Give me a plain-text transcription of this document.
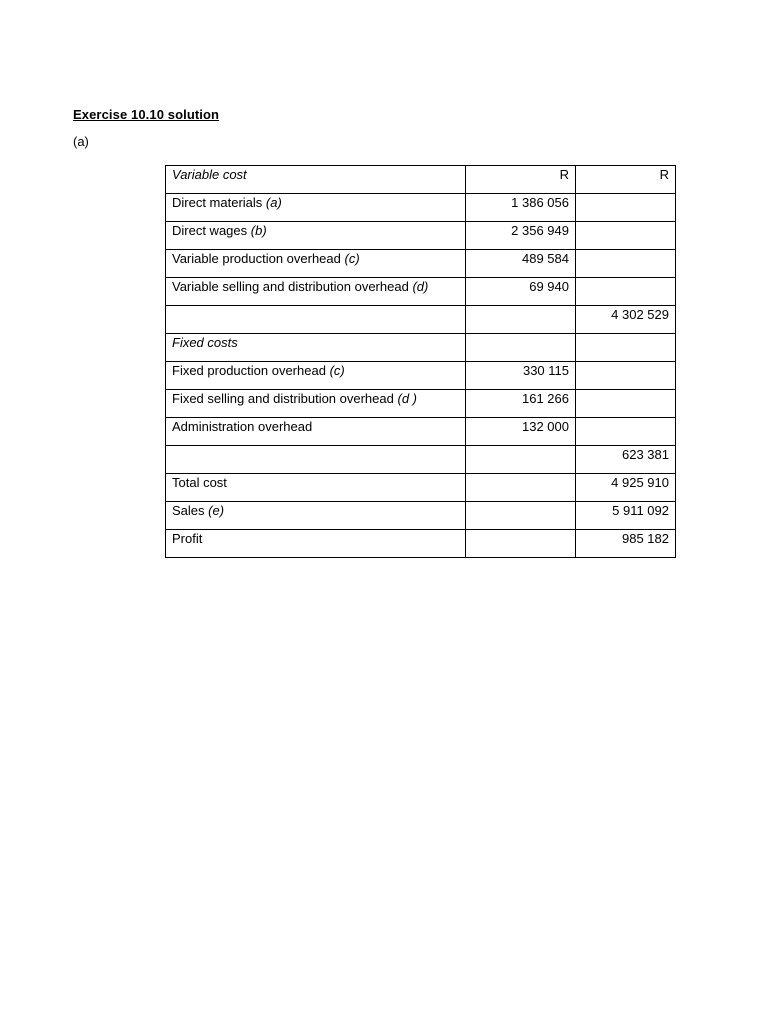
Exercise 10.10 solution
(a)
Variable cost	R	R
Direct materials (a)	1 386 056	
Direct wages (b)	2 356 949	
Variable production overhead (c)	489 584	
Variable selling and distribution overhead (d)	69 940	
		4 302 529
Fixed costs		
Fixed production overhead (c)	330 115	
Fixed selling and distribution overhead (d )	161 266	
Administration overhead	132 000	
		623 381
Total cost		4 925 910
Sales (e)		5 911 092
Profit		985 182
